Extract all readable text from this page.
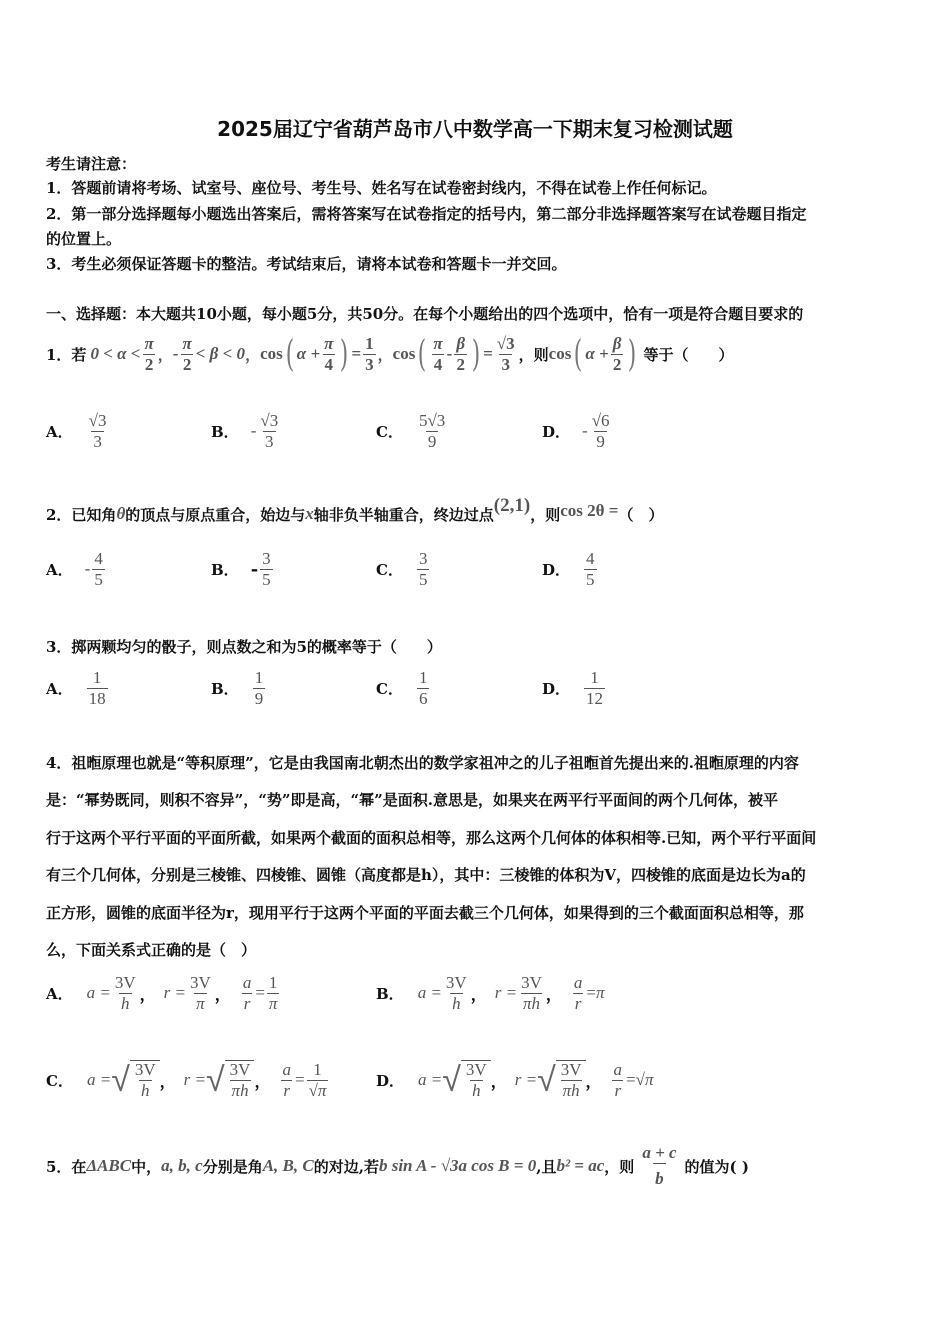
2025届辽宁省葫芦岛市八中数学高一下期末复习检测试题
考生请注意：
1．答题前请将考场、试室号、座位号、考生号、姓名写在试卷密封线内，不得在试卷上作任何标记。
2．第一部分选择题每小题选出答案后，需将答案写在试卷指定的括号内，第二部分非选择题答案写在试卷题目指定
的位置上。
3．考生必须保证答题卡的整洁。考试结束后，请将本试卷和答题卡一并交回。
一、选择题：本大题共10小题，每小题5分，共50分。在每个小题给出的四个选项中，恰有一项是符合题目要求的
1．若 $0 < \alpha < \frac{\pi}{2}$ ， - $\frac{\pi}{2} < \beta < 0$ ， cos ( $\alpha + \frac{\pi}{4}$ ) = $\frac{1}{3}$ ， cos ( $\frac{\pi}{4} - \frac{\beta}{2}$ ) = $\frac{√3}{3}$ ，则 cos ( $\alpha + \frac{\beta}{2}$ ) 等于（　　）
A． $\frac{√3}{3}$	B． - $\frac{√3}{3}$	C． $\frac{5√3}{9}$	D． - $\frac{√6}{9}$
2．已知角 θ 的顶点与原点重合，始边与 x 轴非负半轴重合，终边过点 (2,1) ，则 cos 2θ = （　）
A． - $\frac{4}{5}$	B． - $\frac{3}{5}$	C． $\frac{3}{5}$	D． $\frac{4}{5}$
3．掷两颗均匀的骰子，则点数之和为5的概率等于（　　）
A． $\frac{1}{18}$	B． $\frac{1}{9}$	C． $\frac{1}{6}$	D． $\frac{1}{12}$
4．祖暅原理也就是“等积原理”，它是由我国南北朝杰出的数学家祖冲之的儿子祖暅首先提出来的.祖暅原理的内容
是：“幂势既同，则积不容异”，“势”即是高，“幂”是面积.意思是，如果夹在两平行平面间的两个几何体，被平
行于这两个平行平面的平面所截，如果两个截面的面积总相等，那么这两个几何体的体积相等.已知，两个平行平面间
有三个几何体，分别是三棱锥、四棱锥、圆锥（高度都是h），其中：三棱锥的体积为V，四棱锥的底面是边长为a的
正方形，圆锥的底面半径为r，现用平行于这两个平面的平面去截三个几何体，如果得到的三个截面面积总相等，那
么，下面关系式正确的是（　）
A． $a = \frac{3V}{h}$ ， $r = \frac{3V}{\pi}$ ， $\frac{a}{r} = \frac{1}{\pi}$	B． $a = \frac{3V}{h}$ ， $r = \frac{3V}{\pi h}$ ， $\frac{a}{r} = \pi$
C． a = √ $\frac{3V}{h}$ ， r = √ $\frac{3V}{\pi h}$ ， $\frac{a}{r} = \frac{1}{√\pi}$	D． a = √ $\frac{3V}{h}$ ， r = √ $\frac{3V}{\pi h}$ ， $\frac{a}{r} = √\pi$
5．在 ΔABC 中， a, b, c 分别是角 A, B, C 的对边,若 b sin A - √3a cos B = 0 ,且 b² = ac ，则 $\frac{a + c}{b}$ 的值为( )
